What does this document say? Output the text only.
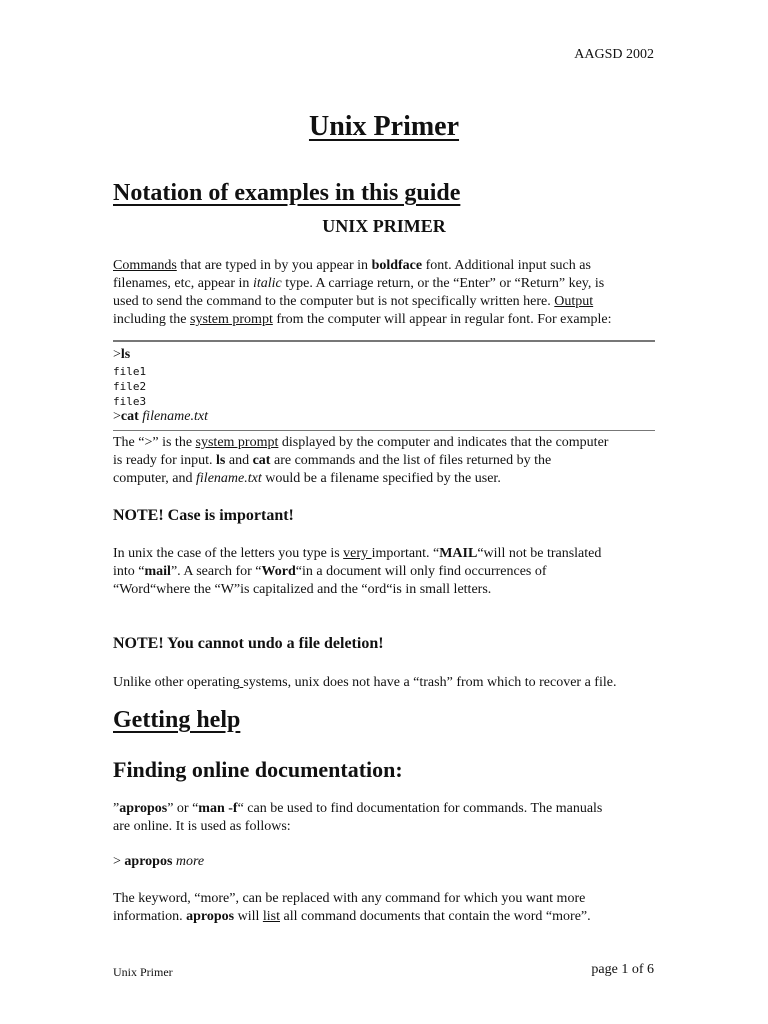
AAGSD 2002
Unix Primer
Notation of examples in this guide
UNIX PRIMER
Commands that are typed in by you appear in boldface font. Additional input such as
filenames, etc, appear in italic type. A carriage return, or the “Enter” or “Return” key, is
used to send the command to the computer but is not specifically written here. Output
including the system prompt from the computer will appear in regular font. For example:
>ls
file1
file2
file3
>cat filename.txt
The “>” is the system prompt displayed by the computer and indicates that the computer
is ready for input. ls and cat are commands and the list of files returned by the
computer, and filename.txt would be a filename specified by the user.
NOTE! Case is important!
In unix the case of the letters you type is very important. “MAIL“will not be translated
into “mail”. A search for “Word“in a document will only find occurrences of
“Word“where the “W”is capitalized and the “ord“is in small letters.
NOTE! You cannot undo a file deletion!
Unlike other operating systems, unix does not have a “trash” from which to recover a file.
Getting help
Finding online documentation:
”apropos” or “man -f“ can be used to find documentation for commands. The manuals
are online. It is used as follows:
> apropos more
The keyword, “more”, can be replaced with any command for which you want more
information. apropos will list all command documents that contain the word “more”.
Unix Primer	page 1 of 6
